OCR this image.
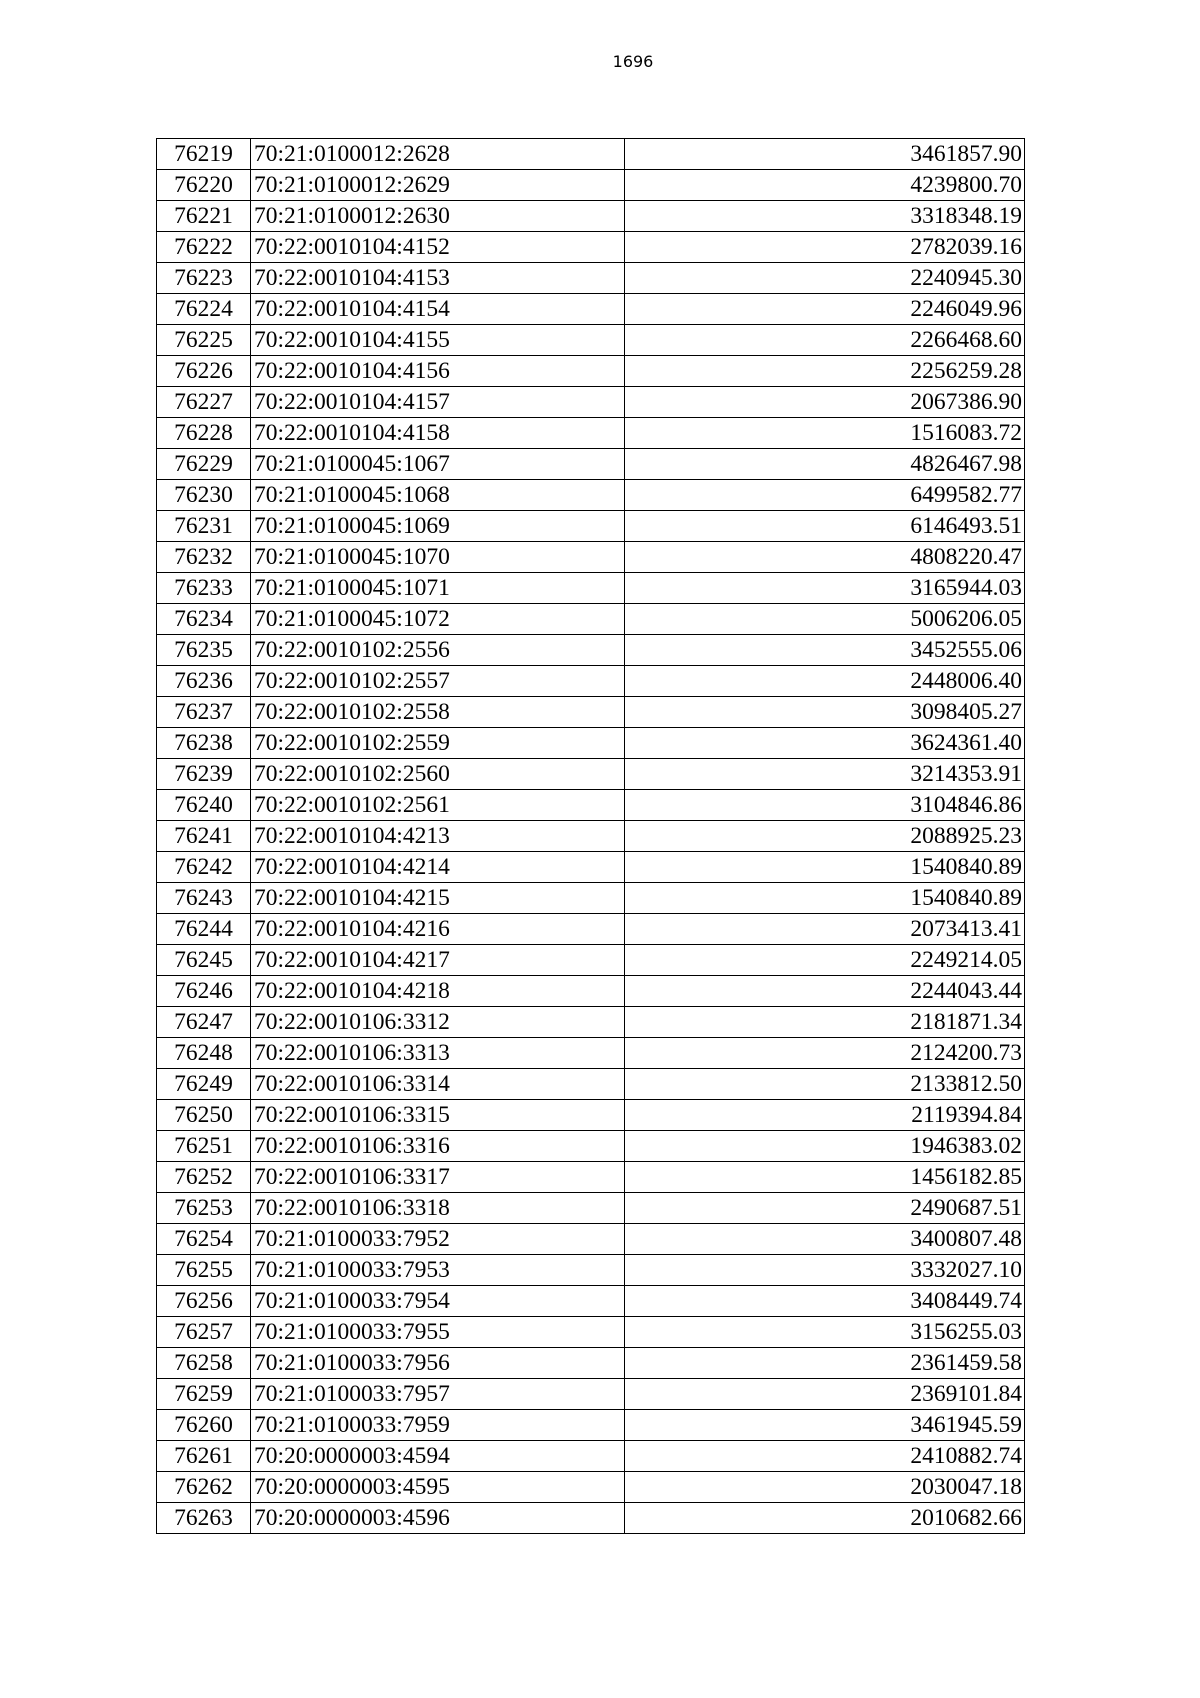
1696
76219	70:21:0100012:2628	3461857.90
76220	70:21:0100012:2629	4239800.70
76221	70:21:0100012:2630	3318348.19
76222	70:22:0010104:4152	2782039.16
76223	70:22:0010104:4153	2240945.30
76224	70:22:0010104:4154	2246049.96
76225	70:22:0010104:4155	2266468.60
76226	70:22:0010104:4156	2256259.28
76227	70:22:0010104:4157	2067386.90
76228	70:22:0010104:4158	1516083.72
76229	70:21:0100045:1067	4826467.98
76230	70:21:0100045:1068	6499582.77
76231	70:21:0100045:1069	6146493.51
76232	70:21:0100045:1070	4808220.47
76233	70:21:0100045:1071	3165944.03
76234	70:21:0100045:1072	5006206.05
76235	70:22:0010102:2556	3452555.06
76236	70:22:0010102:2557	2448006.40
76237	70:22:0010102:2558	3098405.27
76238	70:22:0010102:2559	3624361.40
76239	70:22:0010102:2560	3214353.91
76240	70:22:0010102:2561	3104846.86
76241	70:22:0010104:4213	2088925.23
76242	70:22:0010104:4214	1540840.89
76243	70:22:0010104:4215	1540840.89
76244	70:22:0010104:4216	2073413.41
76245	70:22:0010104:4217	2249214.05
76246	70:22:0010104:4218	2244043.44
76247	70:22:0010106:3312	2181871.34
76248	70:22:0010106:3313	2124200.73
76249	70:22:0010106:3314	2133812.50
76250	70:22:0010106:3315	2119394.84
76251	70:22:0010106:3316	1946383.02
76252	70:22:0010106:3317	1456182.85
76253	70:22:0010106:3318	2490687.51
76254	70:21:0100033:7952	3400807.48
76255	70:21:0100033:7953	3332027.10
76256	70:21:0100033:7954	3408449.74
76257	70:21:0100033:7955	3156255.03
76258	70:21:0100033:7956	2361459.58
76259	70:21:0100033:7957	2369101.84
76260	70:21:0100033:7959	3461945.59
76261	70:20:0000003:4594	2410882.74
76262	70:20:0000003:4595	2030047.18
76263	70:20:0000003:4596	2010682.66
